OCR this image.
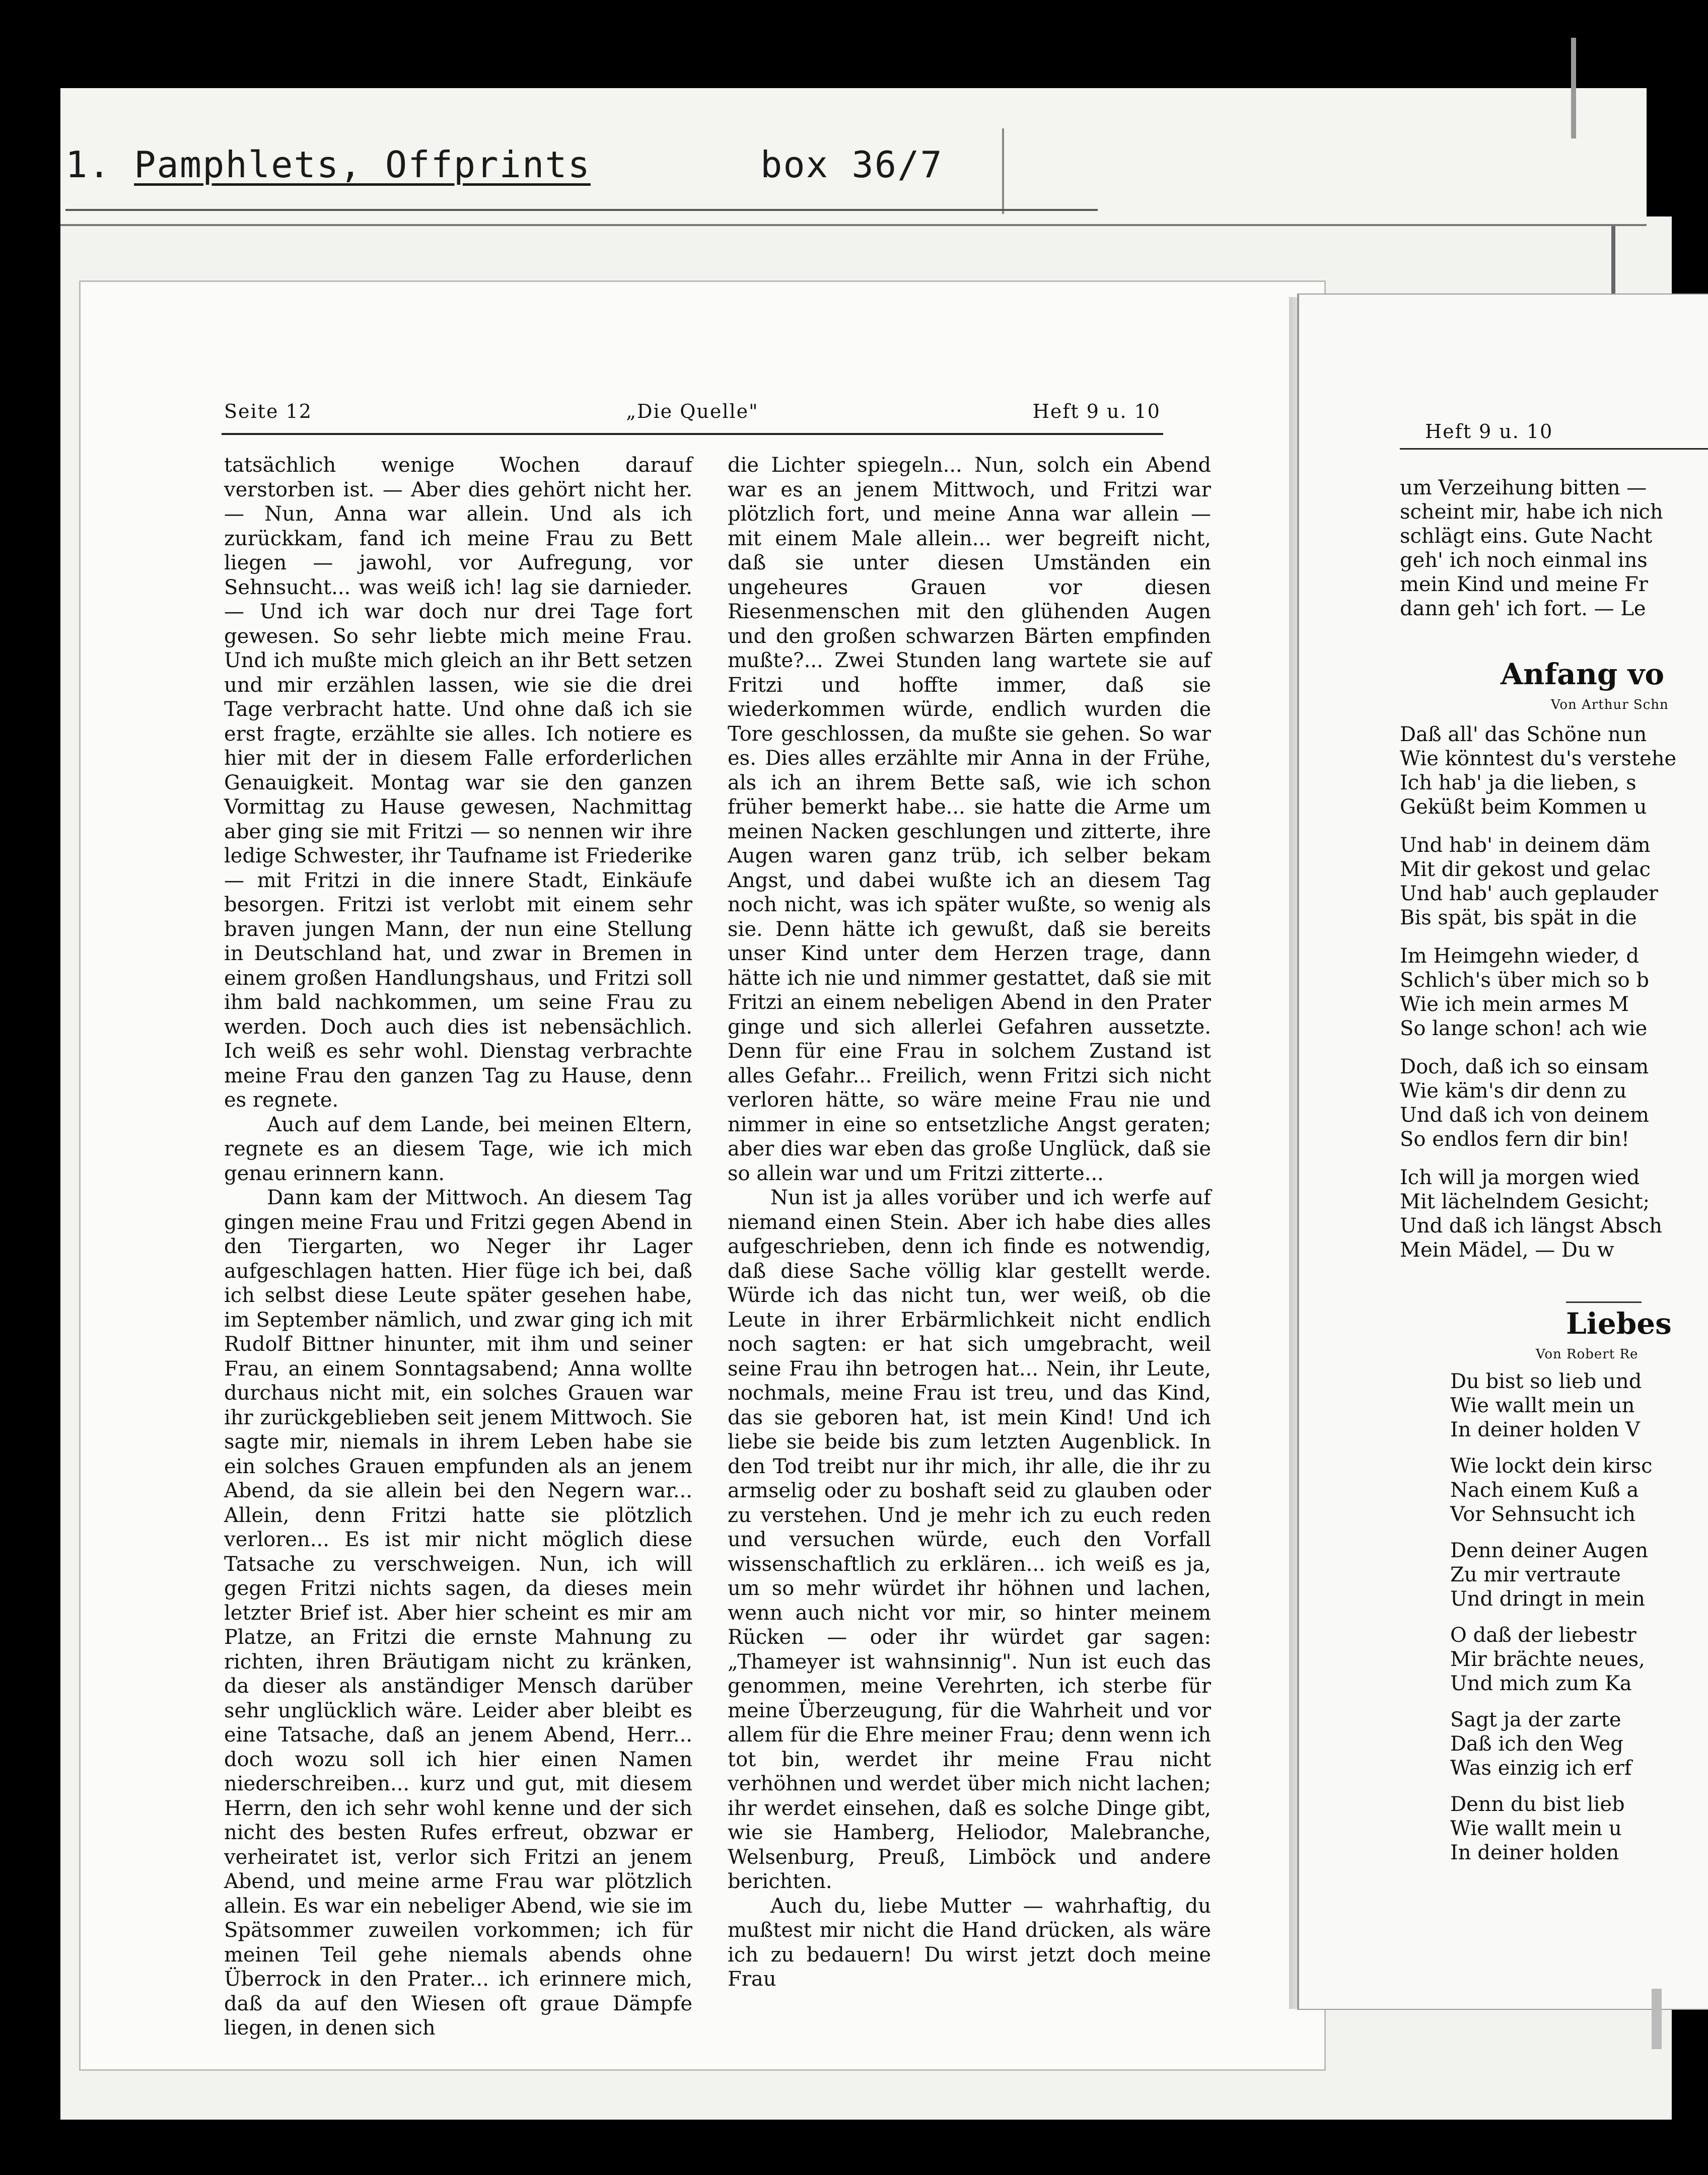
1. Pamphlets, Offprints	box 36/7
Seite 12	„Die Quelle"	Heft 9 u. 10

tatsächlich wenige Wochen darauf verstorben ist. — Aber dies gehört nicht her. — Nun, Anna war allein. Und als ich zurückkam, fand ich meine Frau zu Bett liegen — jawohl, vor Aufregung, vor Sehnsucht... was weiß ich! lag sie darnieder. — Und ich war doch nur drei Tage fort gewesen. So sehr liebte mich meine Frau. Und ich mußte mich gleich an ihr Bett setzen und mir erzählen lassen, wie sie die drei Tage verbracht hatte. Und ohne daß ich sie erst fragte, erzählte sie alles. Ich notiere es hier mit der in diesem Falle erforderlichen Genauigkeit. Montag war sie den ganzen Vormittag zu Hause gewesen, Nachmittag aber ging sie mit Fritzi — so nennen wir ihre ledige Schwester, ihr Taufname ist Friederike — mit Fritzi in die innere Stadt, Einkäufe besorgen. Fritzi ist verlobt mit einem sehr braven jungen Mann, der nun eine Stellung in Deutschland hat, und zwar in Bremen in einem großen Handlungshaus, und Fritzi soll ihm bald nachkommen, um seine Frau zu werden. Doch auch dies ist nebensächlich. Ich weiß es sehr wohl. Dienstag verbrachte meine Frau den ganzen Tag zu Hause, denn es regnete.

Auch auf dem Lande, bei meinen Eltern, regnete es an diesem Tage, wie ich mich genau erinnern kann.

Dann kam der Mittwoch. An diesem Tag gingen meine Frau und Fritzi gegen Abend in den Tiergarten, wo Neger ihr Lager aufgeschlagen hatten. Hier füge ich bei, daß ich selbst diese Leute später gesehen habe, im September nämlich, und zwar ging ich mit Rudolf Bittner hinunter, mit ihm und seiner Frau, an einem Sonntagsabend; Anna wollte durchaus nicht mit, ein solches Grauen war ihr zurückgeblieben seit jenem Mittwoch. Sie sagte mir, niemals in ihrem Leben habe sie ein solches Grauen empfunden als an jenem Abend, da sie allein bei den Negern war... Allein, denn Fritzi hatte sie plötzlich verloren... Es ist mir nicht möglich diese Tatsache zu verschweigen. Nun, ich will gegen Fritzi nichts sagen, da dieses mein letzter Brief ist. Aber hier scheint es mir am Platze, an Fritzi die ernste Mahnung zu richten, ihren Bräutigam nicht zu kränken, da dieser als anständiger Mensch darüber sehr unglücklich wäre. Leider aber bleibt es eine Tatsache, daß an jenem Abend, Herr... doch wozu soll ich hier einen Namen niederschreiben... kurz und gut, mit diesem Herrn, den ich sehr wohl kenne und der sich nicht des besten Rufes erfreut, obzwar er verheiratet ist, verlor sich Fritzi an jenem Abend, und meine arme Frau war plötzlich allein. Es war ein nebeliger Abend, wie sie im Spätsommer zuweilen vorkommen; ich für meinen Teil gehe niemals abends ohne Überrock in den Prater... ich erinnere mich, daß da auf den Wiesen oft graue Dämpfe liegen, in denen sich

die Lichter spiegeln... Nun, solch ein Abend war es an jenem Mittwoch, und Fritzi war plötzlich fort, und meine Anna war allein — mit einem Male allein... wer begreift nicht, daß sie unter diesen Umständen ein ungeheures Grauen vor diesen Riesenmenschen mit den glühenden Augen und den großen schwarzen Bärten empfinden mußte?... Zwei Stunden lang wartete sie auf Fritzi und hoffte immer, daß sie wiederkommen würde, endlich wurden die Tore geschlossen, da mußte sie gehen. So war es. Dies alles erzählte mir Anna in der Frühe, als ich an ihrem Bette saß, wie ich schon früher bemerkt habe... sie hatte die Arme um meinen Nacken geschlungen und zitterte, ihre Augen waren ganz trüb, ich selber bekam Angst, und dabei wußte ich an diesem Tag noch nicht, was ich später wußte, so wenig als sie. Denn hätte ich gewußt, daß sie bereits unser Kind unter dem Herzen trage, dann hätte ich nie und nimmer gestattet, daß sie mit Fritzi an einem nebeligen Abend in den Prater ginge und sich allerlei Gefahren aussetzte. Denn für eine Frau in solchem Zustand ist alles Gefahr... Freilich, wenn Fritzi sich nicht verloren hätte, so wäre meine Frau nie und nimmer in eine so entsetzliche Angst geraten; aber dies war eben das große Unglück, daß sie so allein war und um Fritzi zitterte...

Nun ist ja alles vorüber und ich werfe auf niemand einen Stein. Aber ich habe dies alles aufgeschrieben, denn ich finde es notwendig, daß diese Sache völlig klar gestellt werde. Würde ich das nicht tun, wer weiß, ob die Leute in ihrer Erbärmlichkeit nicht endlich noch sagten: er hat sich umgebracht, weil seine Frau ihn betrogen hat... Nein, ihr Leute, nochmals, meine Frau ist treu, und das Kind, das sie geboren hat, ist mein Kind! Und ich liebe sie beide bis zum letzten Augenblick. In den Tod treibt nur ihr mich, ihr alle, die ihr zu armselig oder zu boshaft seid zu glauben oder zu verstehen. Und je mehr ich zu euch reden und versuchen würde, euch den Vorfall wissenschaftlich zu erklären... ich weiß es ja, um so mehr würdet ihr höhnen und lachen, wenn auch nicht vor mir, so hinter meinem Rücken — oder ihr würdet gar sagen: „Thameyer ist wahnsinnig". Nun ist euch das genommen, meine Verehrten, ich sterbe für meine Überzeugung, für die Wahrheit und vor allem für die Ehre meiner Frau; denn wenn ich tot bin, werdet ihr meine Frau nicht verhöhnen und werdet über mich nicht lachen; ihr werdet einsehen, daß es solche Dinge gibt, wie sie Hamberg, Heliodor, Malebranche, Welsenburg, Preuß, Limböck und andere berichten.

Auch du, liebe Mutter — wahrhaftig, du mußtest mir nicht die Hand drücken, als wäre ich zu bedauern! Du wirst jetzt doch meine Frau

Heft 9 u. 10
um Verzeihung bitten —
scheint mir, habe ich nich
schlägt eins. Gute Nacht
geh' ich noch einmal ins
mein Kind und meine Fr
dann geh' ich fort. — Le
Anfang vo
Von Arthur Schn
Daß all' das Schöne nun
Wie könntest du's verstehe
Ich hab' ja die lieben, s
Geküßt beim Kommen u
Und hab' in deinem däm
Mit dir gekost und gelac
Und hab' auch geplauder
Bis spät, bis spät in die
Im Heimgehn wieder, d
Schlich's über mich so b
Wie ich mein armes M
So lange schon! ach wie
Doch, daß ich so einsam
Wie käm's dir denn zu
Und daß ich von deinem
So endlos fern dir bin!
Ich will ja morgen wied
Mit lächelndem Gesicht;
Und daß ich längst Absch
Mein Mädel, — Du w
Liebes
Von Robert Re
Du bist so lieb und
Wie wallt mein un
In deiner holden V
Wie lockt dein kirsc
Nach einem Kuß a
Vor Sehnsucht ich
Denn deiner Augen
Zu mir vertraute
Und dringt in mein
O daß der liebestr
Mir brächte neues,
Und mich zum Ka
Sagt ja der zarte
Daß ich den Weg
Was einzig ich erf
Denn du bist lieb
Wie wallt mein u
In deiner holden
